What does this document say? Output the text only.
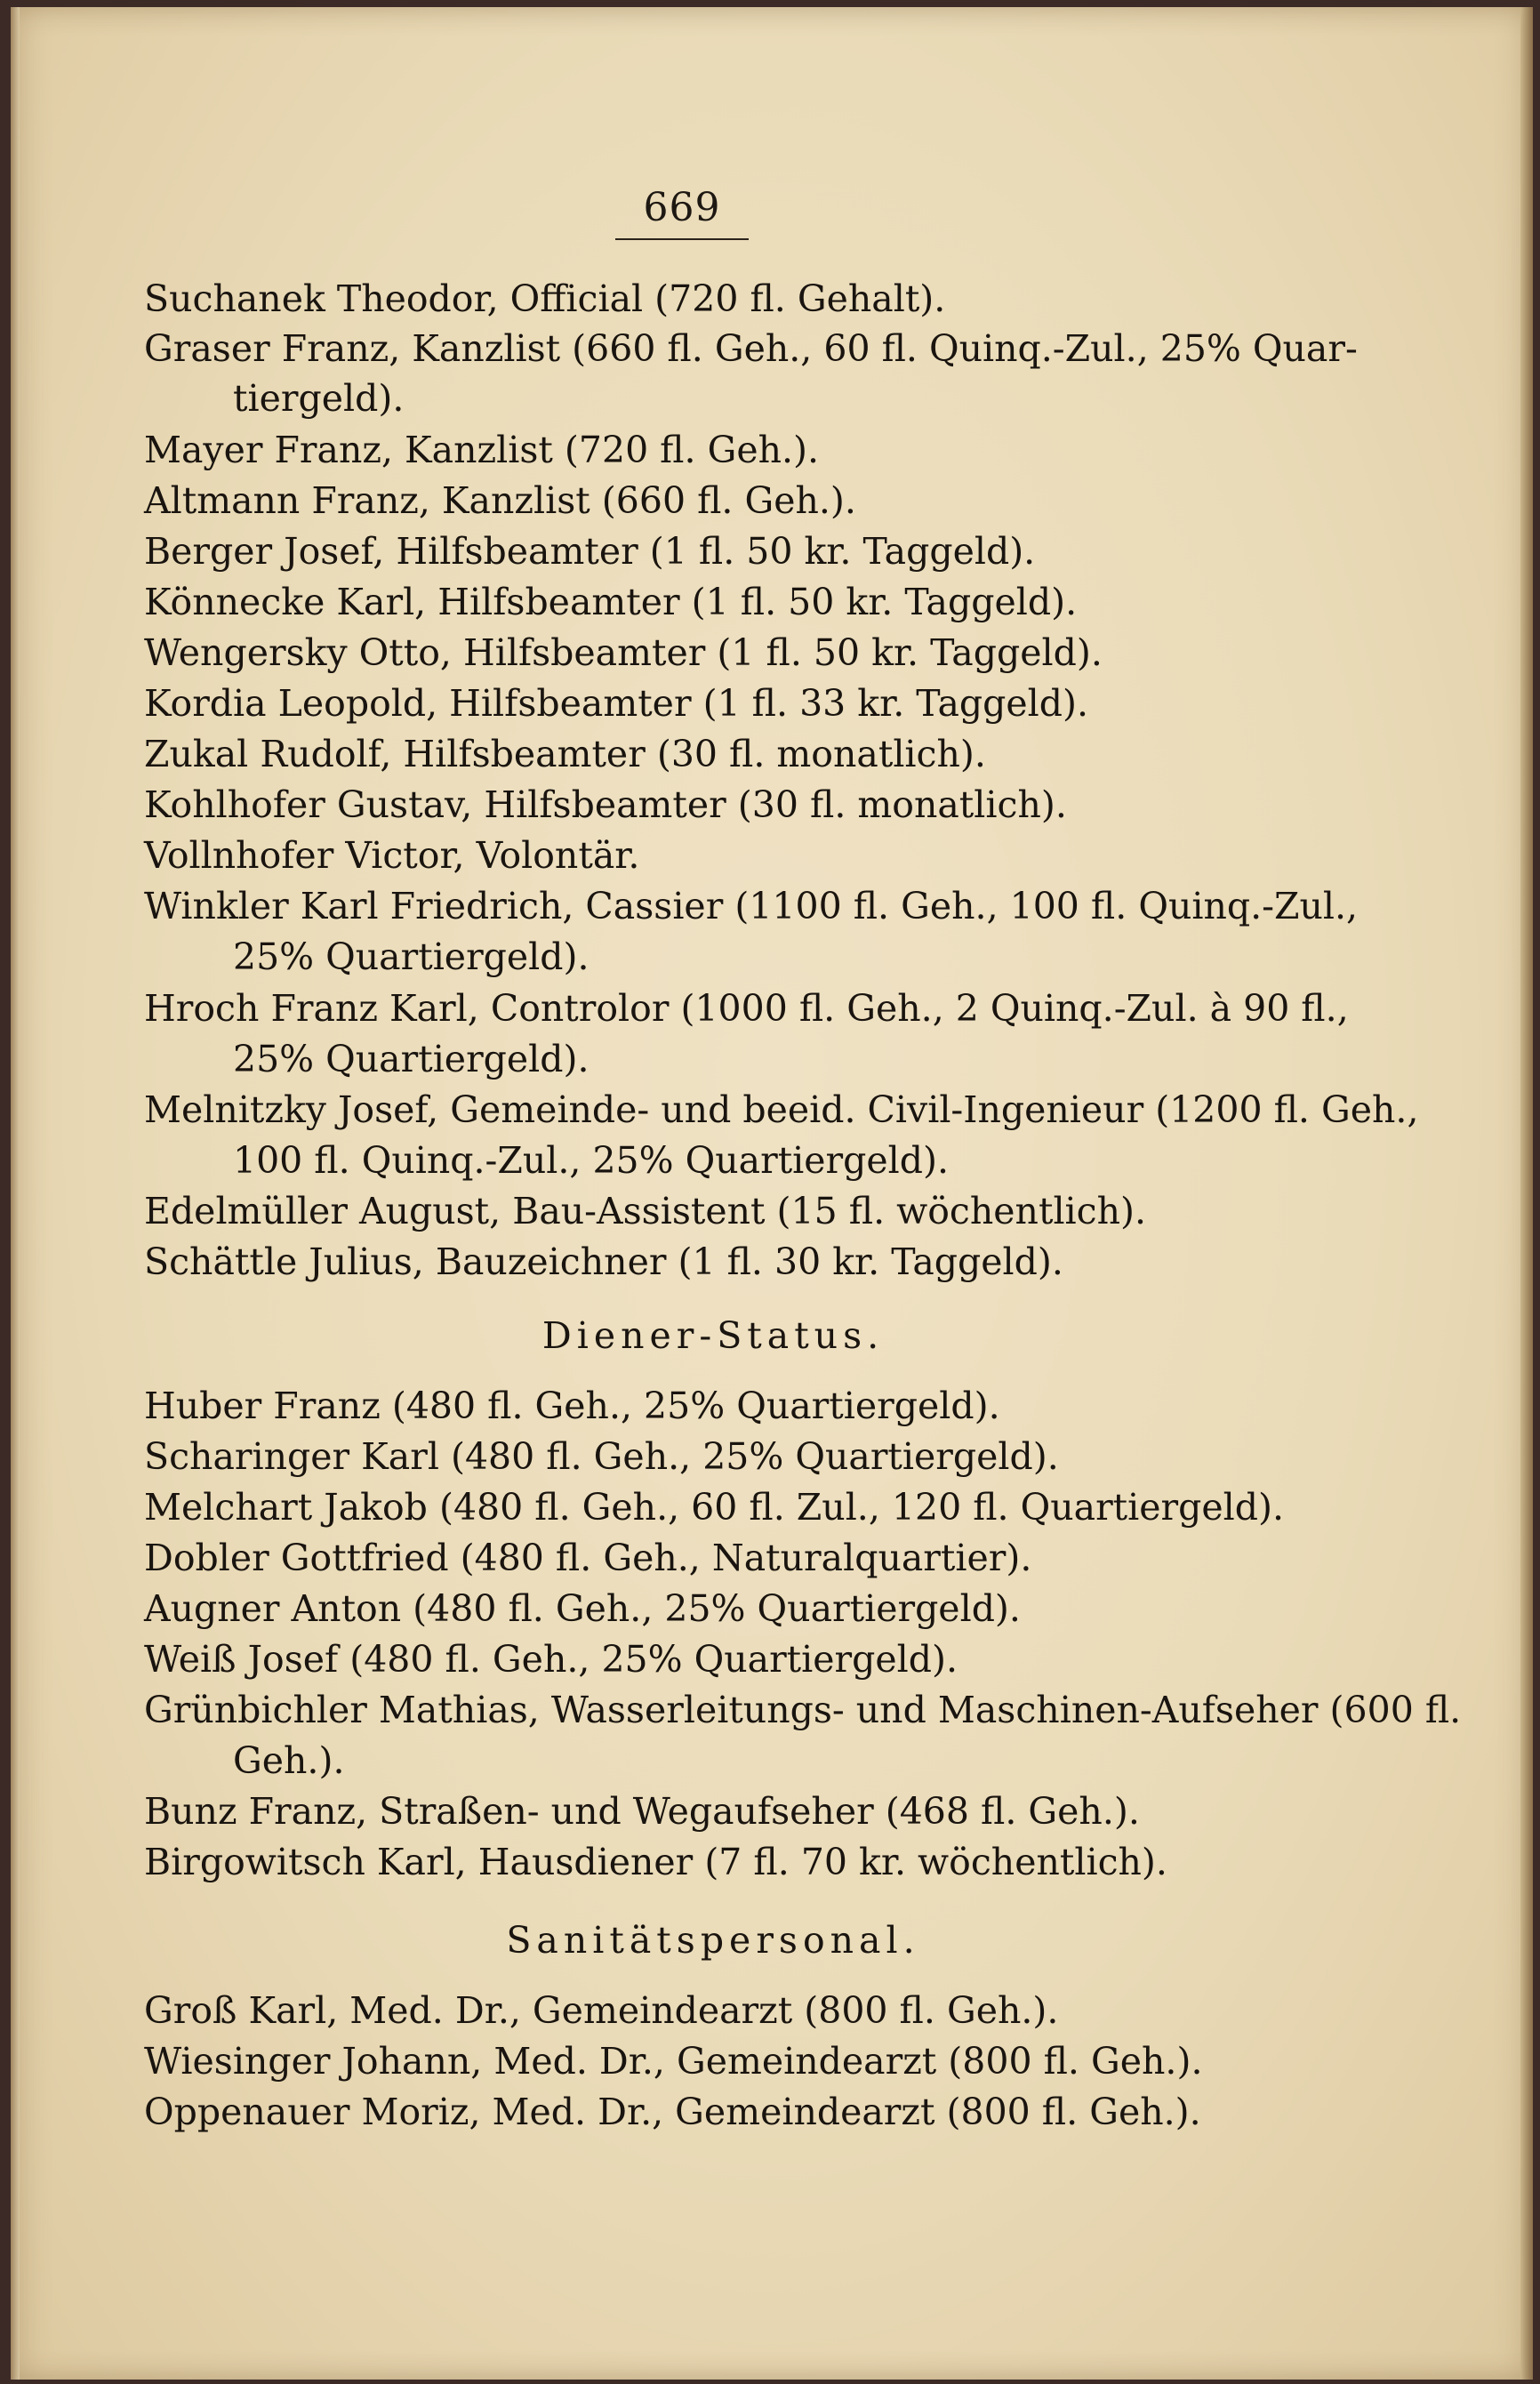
669
Suchanek Theodor, Official (720 fl. Gehalt).
Graser Franz, Kanzlist (660 fl. Geh., 60 fl. Quinq.-Zul., 25% Quar-
tiergeld).
Mayer Franz, Kanzlist (720 fl. Geh.).
Altmann Franz, Kanzlist (660 fl. Geh.).
Berger Josef, Hilfsbeamter (1 fl. 50 kr. Taggeld).
Könnecke Karl, Hilfsbeamter (1 fl. 50 kr. Taggeld).
Wengersky Otto, Hilfsbeamter (1 fl. 50 kr. Taggeld).
Kordia Leopold, Hilfsbeamter (1 fl. 33 kr. Taggeld).
Zukal Rudolf, Hilfsbeamter (30 fl. monatlich).
Kohlhofer Gustav, Hilfsbeamter (30 fl. monatlich).
Vollnhofer Victor, Volontär.
Winkler Karl Friedrich, Cassier (1100 fl. Geh., 100 fl. Quinq.-Zul.,
25% Quartiergeld).
Hroch Franz Karl, Controlor (1000 fl. Geh., 2 Quinq.-Zul. à 90 fl.,
25% Quartiergeld).
Melnitzky Josef, Gemeinde- und beeid. Civil-Ingenieur (1200 fl. Geh.,
100 fl. Quinq.-Zul., 25% Quartiergeld).
Edelmüller August, Bau-Assistent (15 fl. wöchentlich).
Schättle Julius, Bauzeichner (1 fl. 30 kr. Taggeld).
Diener-Status.
Huber Franz (480 fl. Geh., 25% Quartiergeld).
Scharinger Karl (480 fl. Geh., 25% Quartiergeld).
Melchart Jakob (480 fl. Geh., 60 fl. Zul., 120 fl. Quartiergeld).
Dobler Gottfried (480 fl. Geh., Naturalquartier).
Augner Anton (480 fl. Geh., 25% Quartiergeld).
Weiß Josef (480 fl. Geh., 25% Quartiergeld).
Grünbichler Mathias, Wasserleitungs- und Maschinen-Aufseher (600 fl.
Geh.).
Bunz Franz, Straßen- und Wegaufseher (468 fl. Geh.).
Birgowitsch Karl, Hausdiener (7 fl. 70 kr. wöchentlich).
Sanitätspersonal.
Groß Karl, Med. Dr., Gemeindearzt (800 fl. Geh.).
Wiesinger Johann, Med. Dr., Gemeindearzt (800 fl. Geh.).
Oppenauer Moriz, Med. Dr., Gemeindearzt (800 fl. Geh.).
